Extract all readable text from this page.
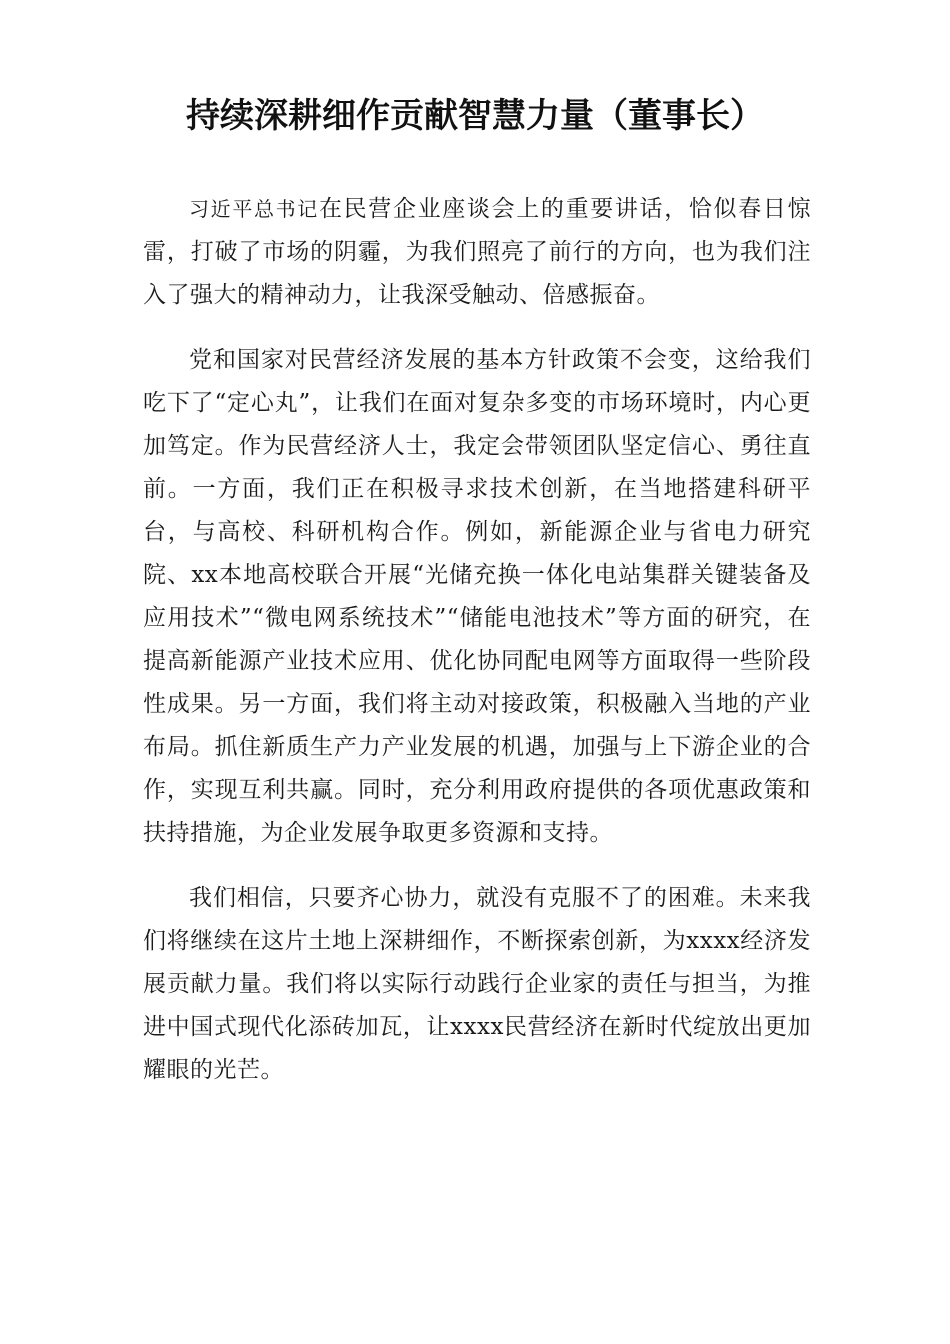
持续深耕细作贡献智慧力量（董事长）

习近平总书记在民营企业座谈会上的重要讲话，恰似春日惊雷，打破了市场的阴霾，为我们照亮了前行的方向，也为我们注入了强大的精神动力，让我深受触动、倍感振奋。

党和国家对民营经济发展的基本方针政策不会变，这给我们吃下了“定心丸”，让我们在面对复杂多变的市场环境时，内心更加笃定。作为民营经济人士，我定会带领团队坚定信心、勇往直前。一方面，我们正在积极寻求技术创新，在当地搭建科研平台，与高校、科研机构合作。例如，新能源企业与省电力研究院、xx本地高校联合开展“光储充换一体化电站集群关键装备及应用技术”“微电网系统技术”“储能电池技术”等方面的研究，在提高新能源产业技术应用、优化协同配电网等方面取得一些阶段性成果。另一方面，我们将主动对接政策，积极融入当地的产业布局。抓住新质生产力产业发展的机遇，加强与上下游企业的合作，实现互利共赢。同时，充分利用政府提供的各项优惠政策和扶持措施，为企业发展争取更多资源和支持。

我们相信，只要齐心协力，就没有克服不了的困难。未来我们将继续在这片土地上深耕细作，不断探索创新，为xxxx经济发展贡献力量。我们将以实际行动践行企业家的责任与担当，为推进中国式现代化添砖加瓦，让xxxx民营经济在新时代绽放出更加耀眼的光芒。
